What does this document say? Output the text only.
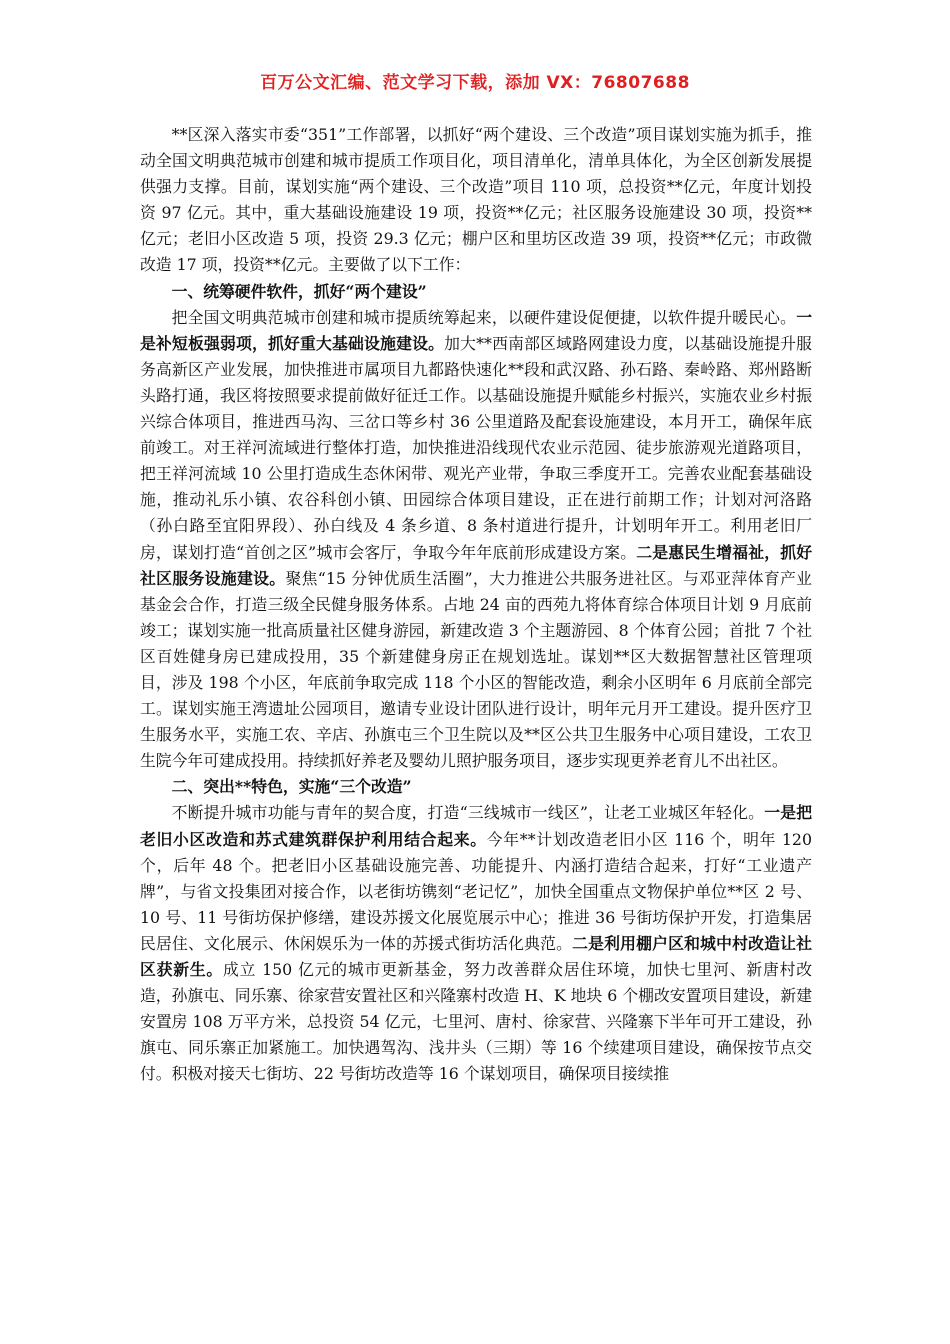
百万公文汇编、范文学习下载，添加 VX：76807688

**区深入落实市委“351”工作部署，以抓好“两个建设、三个改造”项目谋划实施为抓手，推动全国文明典范城市创建和城市提质工作项目化，项目清单化，清单具体化，为全区创新发展提供强力支撑。目前，谋划实施“两个建设、三个改造”项目 110 项，总投资**亿元，年度计划投资 97 亿元。其中，重大基础设施建设 19 项，投资**亿元；社区服务设施建设 30 项，投资**亿元；老旧小区改造 5 项，投资 29.3 亿元；棚户区和里坊区改造 39 项，投资**亿元；市政微改造 17 项，投资**亿元。主要做了以下工作：

一、统筹硬件软件，抓好“两个建设”

把全国文明典范城市创建和城市提质统筹起来，以硬件建设促便捷，以软件提升暖民心。一是补短板强弱项，抓好重大基础设施建设。加大**西南部区域路网建设力度，以基础设施提升服务高新区产业发展，加快推进市属项目九都路快速化**段和武汉路、孙石路、秦岭路、郑州路断头路打通，我区将按照要求提前做好征迁工作。以基础设施提升赋能乡村振兴，实施农业乡村振兴综合体项目，推进西马沟、三岔口等乡村 36 公里道路及配套设施建设，本月开工，确保年底前竣工。对王祥河流域进行整体打造，加快推进沿线现代农业示范园、徒步旅游观光道路项目，把王祥河流域 10 公里打造成生态休闲带、观光产业带，争取三季度开工。完善农业配套基础设施，推动礼乐小镇、农谷科创小镇、田园综合体项目建设，正在进行前期工作；计划对河洛路（孙白路至宜阳界段）、孙白线及 4 条乡道、8 条村道进行提升，计划明年开工。利用老旧厂房，谋划打造“首创之区”城市会客厅，争取今年年底前形成建设方案。二是惠民生增福祉，抓好社区服务设施建设。聚焦“15 分钟优质生活圈”，大力推进公共服务进社区。与邓亚萍体育产业基金会合作，打造三级全民健身服务体系。占地 24 亩的西苑九将体育综合体项目计划 9 月底前竣工；谋划实施一批高质量社区健身游园，新建改造 3 个主题游园、8 个体育公园；首批 7 个社区百姓健身房已建成投用，35 个新建健身房正在规划选址。谋划**区大数据智慧社区管理项目，涉及 198 个小区，年底前争取完成 118 个小区的智能改造，剩余小区明年 6 月底前全部完工。谋划实施王湾遗址公园项目，邀请专业设计团队进行设计，明年元月开工建设。提升医疗卫生服务水平，实施工农、辛店、孙旗屯三个卫生院以及**区公共卫生服务中心项目建设，工农卫生院今年可建成投用。持续抓好养老及婴幼儿照护服务项目，逐步实现更养老育儿不出社区。

二、突出**特色，实施“三个改造”

不断提升城市功能与青年的契合度，打造“三线城市一线区”，让老工业城区年轻化。一是把老旧小区改造和苏式建筑群保护利用结合起来。今年**计划改造老旧小区 116 个，明年 120 个，后年 48 个。把老旧小区基础设施完善、功能提升、内涵打造结合起来，打好“工业遗产牌”，与省文投集团对接合作，以老街坊镌刻“老记忆”，加快全国重点文物保护单位**区 2 号、10 号、11 号街坊保护修缮，建设苏援文化展览展示中心；推进 36 号街坊保护开发，打造集居民居住、文化展示、休闲娱乐为一体的苏援式街坊活化典范。二是利用棚户区和城中村改造让社区获新生。成立 150 亿元的城市更新基金，努力改善群众居住环境，加快七里河、新唐村改造，孙旗屯、同乐寨、徐家营安置社区和兴隆寨村改造 H、K 地块 6 个棚改安置项目建设，新建安置房 108 万平方米，总投资 54 亿元，七里河、唐村、徐家营、兴隆寨下半年可开工建设，孙旗屯、同乐寨正加紧施工。加快遇驾沟、浅井头（三期）等 16 个续建项目建设，确保按节点交付。积极对接天七街坊、22 号街坊改造等 16 个谋划项目，确保项目接续推
